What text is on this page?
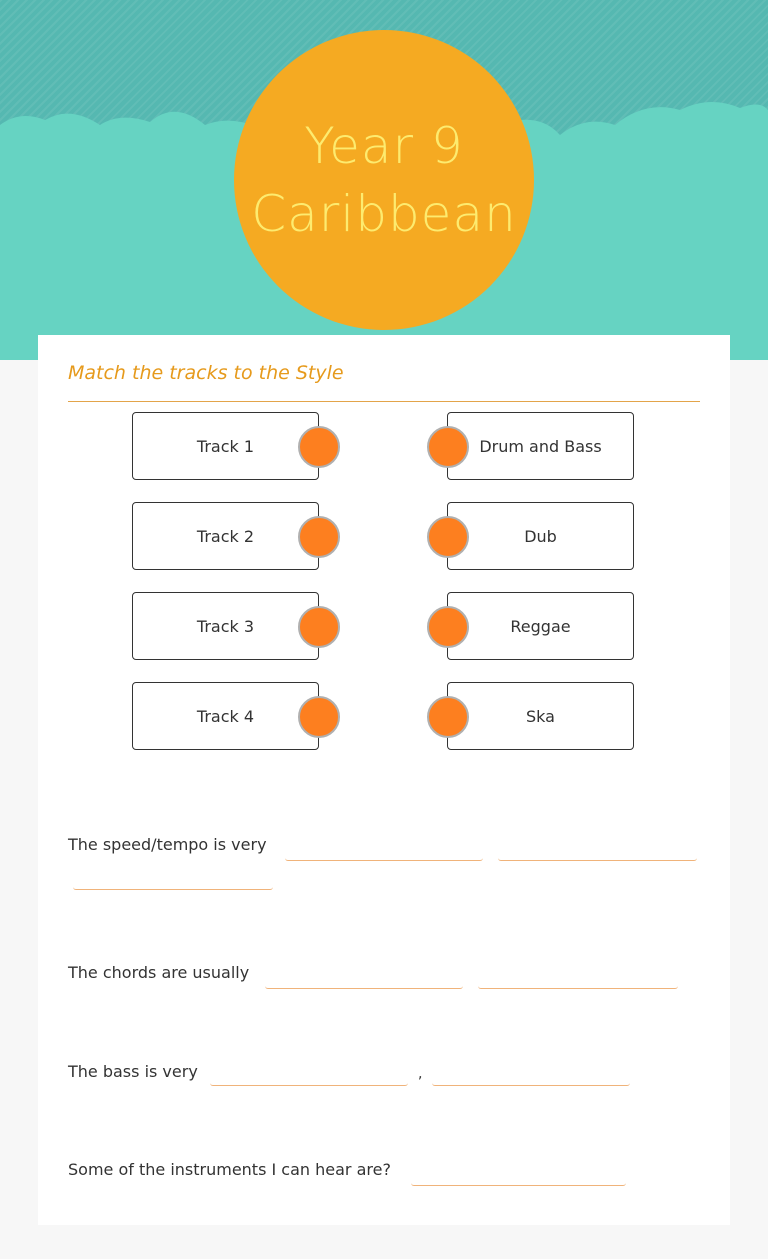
Year 9
Caribbean
Match the tracks to the Style
Track 1	Drum and Bass
Track 2	Dub
Track 3	Reggae
Track 4	Ska
The speed/tempo is very
The chords are usually
The bass is very	,
Some of the instruments I can hear are?
